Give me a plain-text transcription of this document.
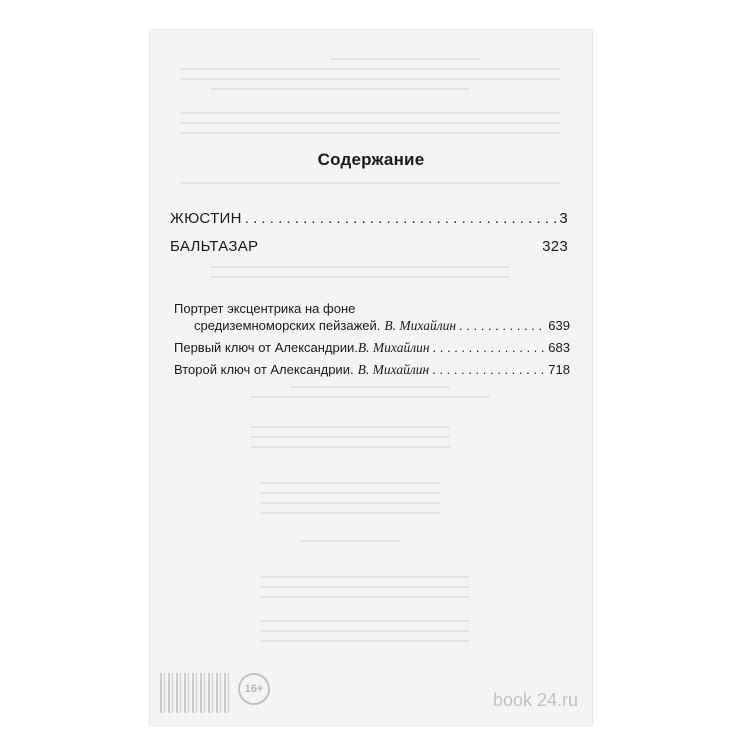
Содержание
ЖЮСТИН . . .	3
БАЛЬТАЗАР	323
Портрет эксцентрика на фоне
средиземноморских пейзажей. В. Михайлин . . .	639
Первый ключ от Александрии. В. Михайлин . . .	683
Второй ключ от Александрии. В. Михайлин . . .	718
16+
book 24.ru
